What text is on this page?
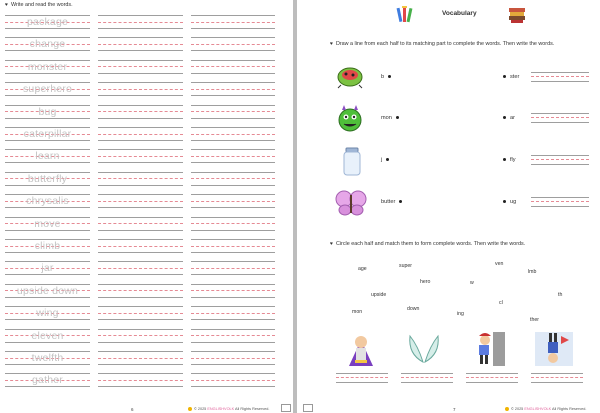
♥ Write and read the words.
package
change
monster
superhero
bug
caterpillar
learn
butterfly
chrysalis
move
climb
jar
upside down
wing
eleven
twelfth
gather
6	© 2025 ENGLISHVOLK All Rights Reserved.	7	© 2025 ENGLISHVOLK All Rights Reserved.
Vocabulary
♥ Draw a line from each half to its matching part to complete the words. Then write the words.
b	ster
mon	ar
j	fly
butter	ug
♥ Circle each half and match them to form complete words. Then write the words.
age	super	ven
lmb
hero	w
upside	th
down
cl
mon	ing
ther
